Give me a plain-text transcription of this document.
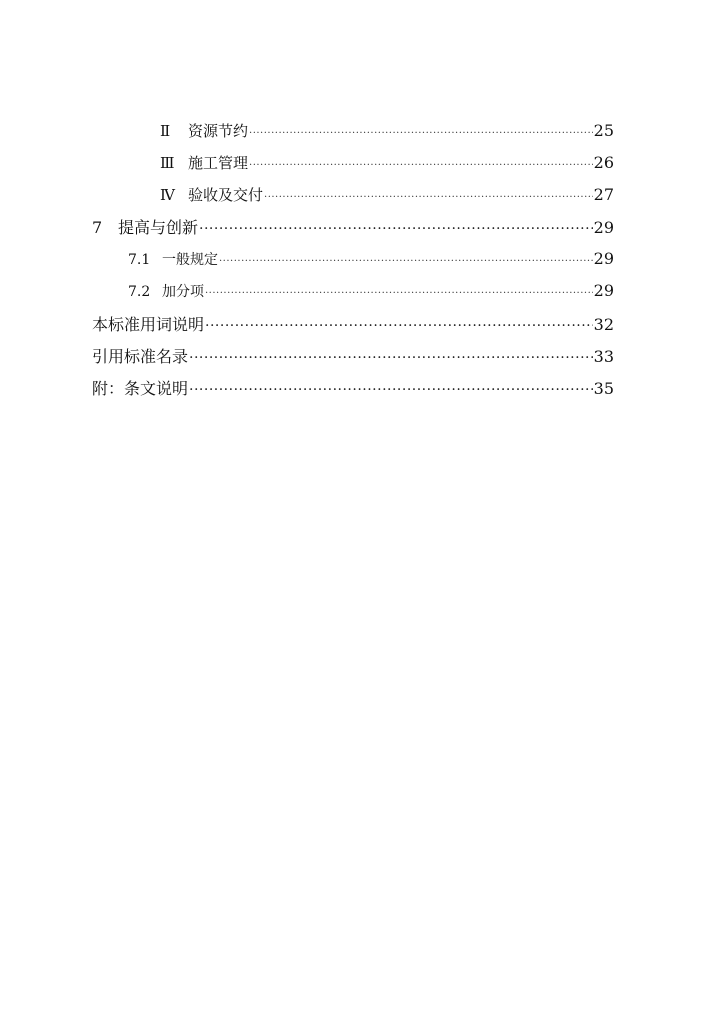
Ⅱ	资源节约 .....	25
Ⅲ 施工管理 .....	26
Ⅳ 验收及交付 .....	27
7 提高与创新 .....	29
7.1 一般规定 .....	29
7.2 加分项 .....	29
本标准用词说明 .....	32
引用标准名录 .....	33
附：条文说明 .....	35
